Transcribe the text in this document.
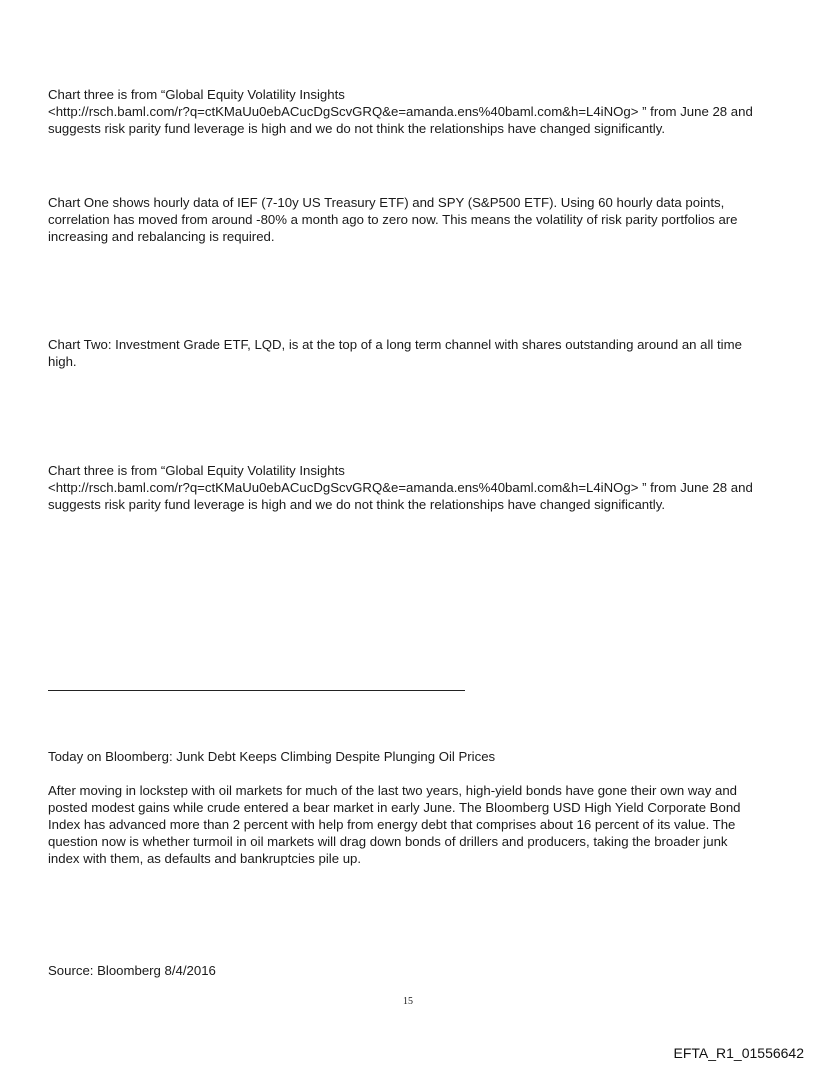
Chart three is from “Global Equity Volatility Insights
<http://rsch.baml.com/r?q=ctKMaUu0ebACucDgScvGRQ&e=amanda.ens%40baml.com&h=L4iNOg> ” from June 28 and
suggests risk parity fund leverage is high and we do not think the relationships have changed significantly.
Chart One shows hourly data of IEF (7-10y US Treasury ETF) and SPY (S&P500 ETF). Using 60 hourly data points,
correlation has moved from around -80% a month ago to zero now. This means the volatility of risk parity portfolios are
increasing and rebalancing is required.
Chart Two: Investment Grade ETF, LQD, is at the top of a long term channel with shares outstanding around an all time
high.
Chart three is from “Global Equity Volatility Insights
<http://rsch.baml.com/r?q=ctKMaUu0ebACucDgScvGRQ&e=amanda.ens%40baml.com&h=L4iNOg> ” from June 28 and
suggests risk parity fund leverage is high and we do not think the relationships have changed significantly.
Today on Bloomberg: Junk Debt Keeps Climbing Despite Plunging Oil Prices
After moving in lockstep with oil markets for much of the last two years, high-yield bonds have gone their own way and
posted modest gains while crude entered a bear market in early June. The Bloomberg USD High Yield Corporate Bond
Index has advanced more than 2 percent with help from energy debt that comprises about 16 percent of its value. The
question now is whether turmoil in oil markets will drag down bonds of drillers and producers, taking the broader junk
index with them, as defaults and bankruptcies pile up.
Source: Bloomberg 8/4/2016
15
EFTA_R1_01556642
